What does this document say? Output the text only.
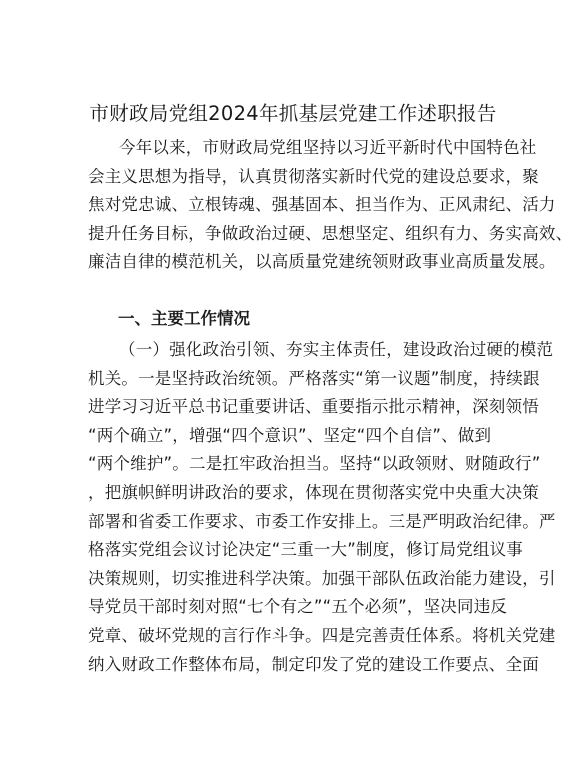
市财政局党组2024年抓基层党建工作述职报告

今年以来，市财政局党组坚持以习近平新时代中国特色社
会主义思想为指导，认真贯彻落实新时代党的建设总要求，聚
焦对党忠诚、立根铸魂、强基固本、担当作为、正风肃纪、活力
提升任务目标，争做政治过硬、思想坚定、组织有力、务实高效、
廉洁自律的模范机关，以高质量党建统领财政事业高质量发展。

一、主要工作情况

（一）强化政治引领、夯实主体责任，建设政治过硬的模范
机关。一是坚持政治统领。严格落实“第一议题”制度，持续跟
进学习习近平总书记重要讲话、重要指示批示精神，深刻领悟
“两个确立”，增强“四个意识”、坚定“四个自信”、做到
“两个维护”。二是扛牢政治担当。坚持“以政领财、财随政行”
，把旗帜鲜明讲政治的要求，体现在贯彻落实党中央重大决策
部署和省委工作要求、市委工作安排上。三是严明政治纪律。严
格落实党组会议讨论决定“三重一大”制度，修订局党组议事
决策规则，切实推进科学决策。加强干部队伍政治能力建设，引
导党员干部时刻对照“七个有之”“五个必须”，坚决同违反
党章、破坏党规的言行作斗争。四是完善责任体系。将机关党建
纳入财政工作整体布局，制定印发了党的建设工作要点、全面
